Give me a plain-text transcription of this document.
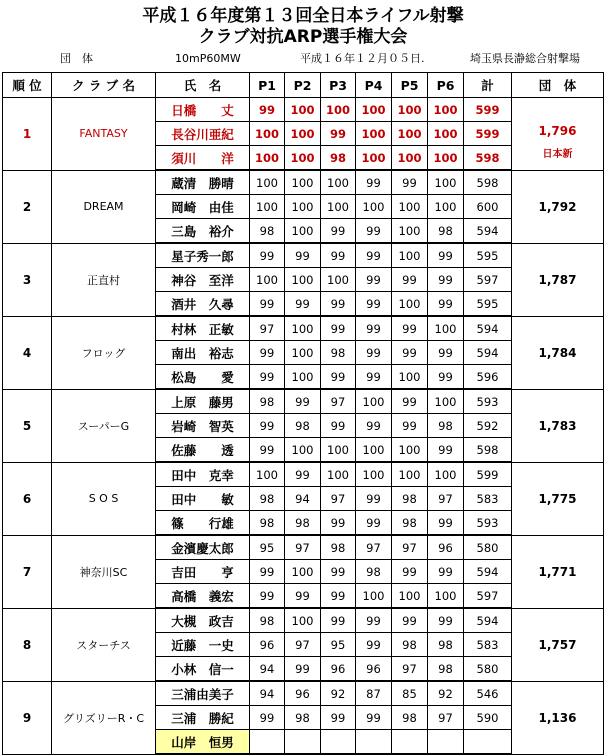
平成１６年度第１３回全日本ライフル射撃
クラブ対抗ARP選手権大会
団　体	10mP60MW	平成１６年１２月０５日.	埼玉県長瀞総合射撃場
順 位	ク ラ ブ 名	氏　名	P1	P2	P3	P4	P5	P6	計	団　体
1	FANTASY	日橋　　丈	99	100	100	100	100	100	599	1,796
日本新

		長谷川亜紀	100	100	99	100	100	100	599	
		須川　　洋	100	100	98	100	100	100	598	
2	DREAM	蔵清　勝晴	100	100	100	99	99	100	598	1,792

		岡崎　由佳	100	100	100	100	100	100	600	
		三島　裕介	98	100	99	99	100	98	594	
3	正直村	星子秀一郎	99	99	99	99	100	99	595	1,787

		神谷　至洋	100	100	100	99	99	99	597	
		酒井　久尋	99	99	99	99	100	99	595	
4	フロッグ	村林　正敏	97	100	99	99	99	100	594	1,784

		南出　裕志	99	100	98	99	99	99	594	
		松島　　愛	99	100	99	99	100	99	596	
5	スーパーG	上原　藤男	98	99	97	100	99	100	593	1,783

		岩崎　智英	99	98	99	99	99	98	592	
		佐藤　　透	99	100	100	100	100	99	598	
6	S O S	田中　克幸	100	99	100	100	100	100	599	1,775

		田中　　敏	98	94	97	99	98	97	583	
		篠　　行雄	98	98	99	99	98	99	593	
7	神奈川SC	金濱慶太郎	95	97	98	97	97	96	580	1,771

		吉田　　亨	99	100	99	98	99	99	594	
		高橋　義宏	99	99	99	100	100	100	597	
8	スターチス	大槻　政吉	98	100	99	99	99	99	594	1,757

		近藤　一史	96	97	95	99	98	98	583	
		小林　信一	94	99	96	96	97	98	580	
9	グリズリーR・C	三浦由美子	94	96	92	87	85	92	546	1,136

		三浦　勝紀	99	98	99	99	98	97	590	
		山岸　恒男								
